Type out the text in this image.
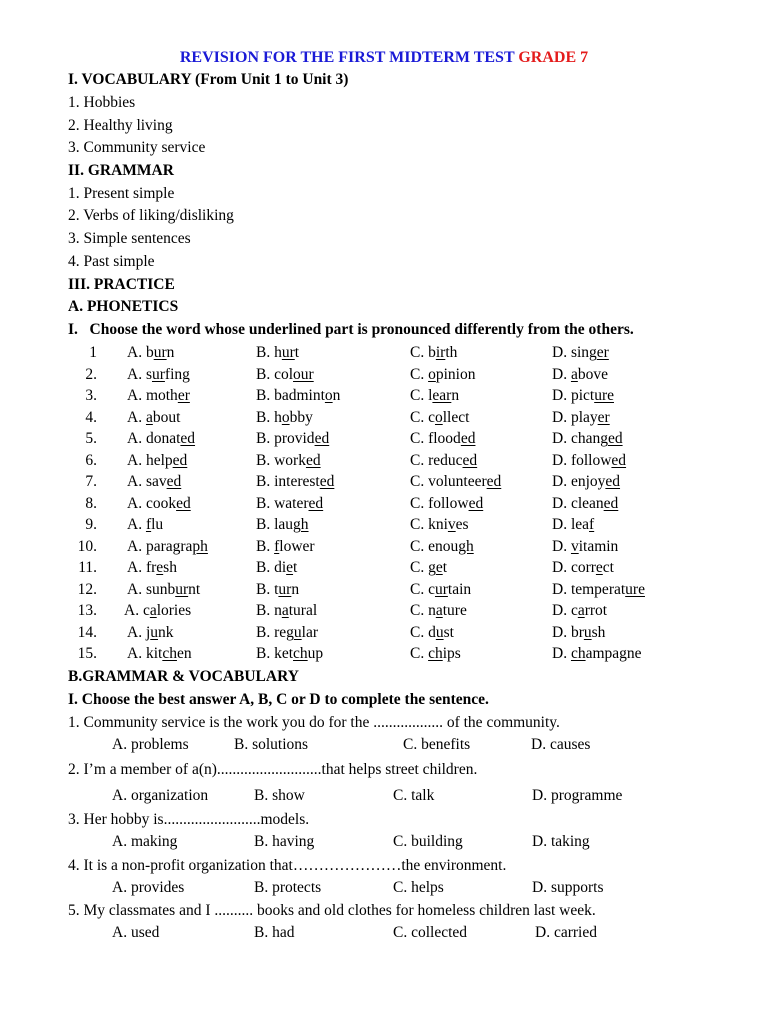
REVISION FOR THE FIRST MIDTERM TEST GRADE 7
I. VOCABULARY (From Unit 1 to Unit 3)
1. Hobbies
2. Healthy living
3. Community service
II. GRAMMAR
1. Present simple
2. Verbs of liking/disliking
3. Simple sentences
4. Past simple
III. PRACTICE
A. PHONETICS
I.   Choose the word whose underlined part is pronounced differently from the others.
1 A. burn	B. hurt	C. birth	D. singer
2. A. surfing	B. colour	C. opinion	D. above
3. A. mother	B. badminton	C. learn	D. picture
4. A. about	B. hobby	C. collect	D. player
5. A. donated	B. provided	C. flooded	D. changed
6. A. helped	B. worked	C. reduced	D. followed
7. A. saved	B. interested	C. volunteered	D. enjoyed
8. A. cooked	B. watered	C. followed	D. cleaned
9. A. flu	B. laugh	C. knives	D. leaf
10. A. paragraph	B. flower	C. enough	D. vitamin
11. A. fresh	B. diet	C. get	D. correct
12. A. sunburnt	B. turn	C. curtain	D. temperature
13. A. calories	B. natural	C. nature	D. carrot
14. A. junk	B. regular	C. dust	D. brush
15. A. kitchen	B. ketchup	C. chips	D. champagne
B.GRAMMAR & VOCABULARY
I. Choose the best answer A, B, C or D to complete the sentence.
1. Community service is the work you do for the .................. of the community.
A. problems	B. solutions	C. benefits	D. causes
2. I’m a member of a(n)...........................that helps street children.
A. organization	B. show	C. talk	D. programme
3. Her hobby is.........................models.
A. making	B. having	C. building	D. taking
4. It is a non-profit organization that…………………the environment.
A. provides	B. protects	C. helps	D. supports
5. My classmates and I .......... books and old clothes for homeless children last week.
A. used	B. had	C. collected	D. carried
